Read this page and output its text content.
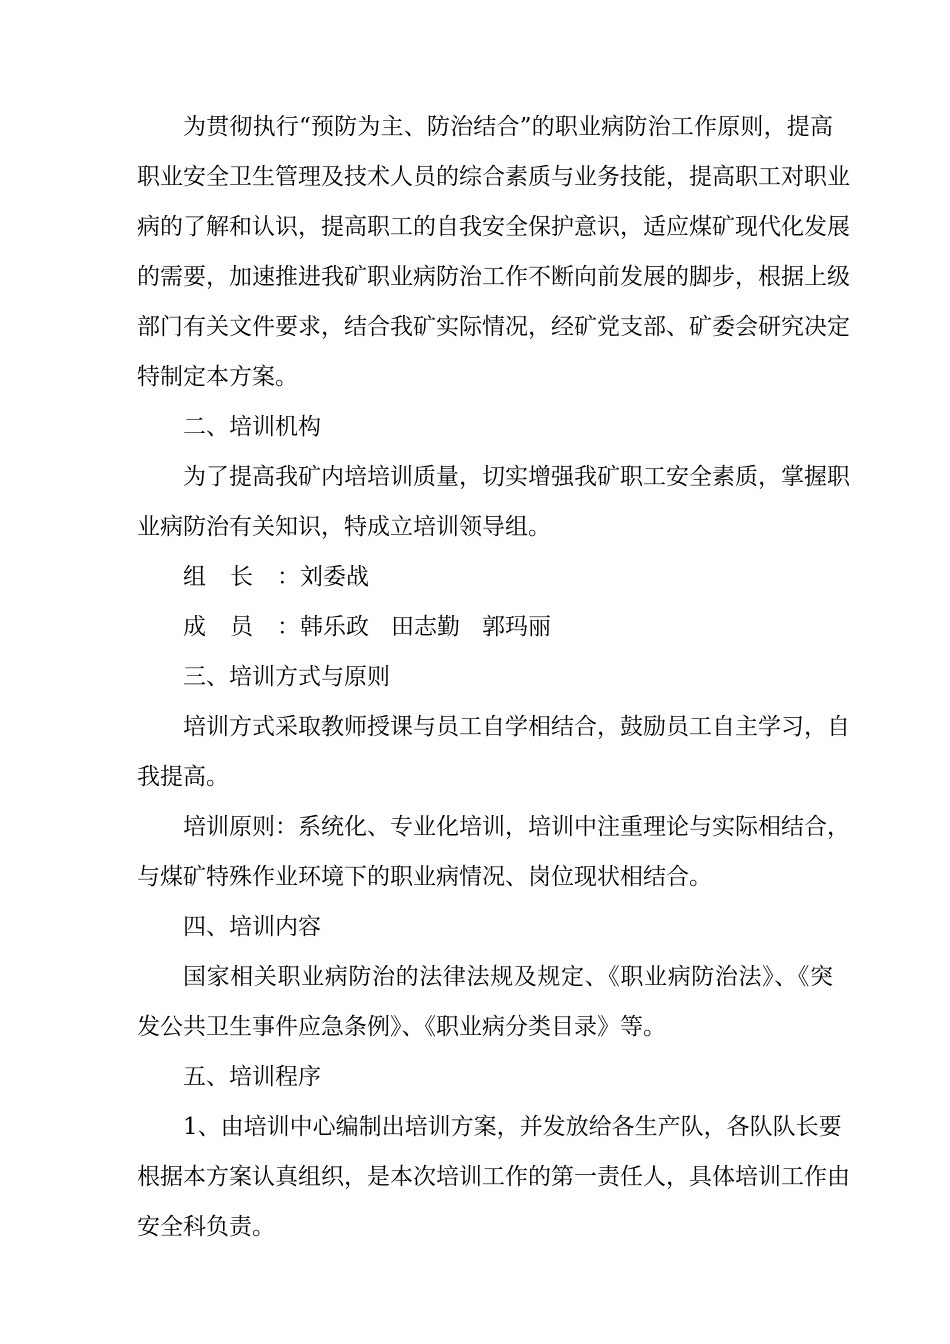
为贯彻执行“预防为主、防治结合”的职业病防治工作原则，提高
职业安全卫生管理及技术人员的综合素质与业务技能，提高职工对职业
病的了解和认识，提高职工的自我安全保护意识，适应煤矿现代化发展
的需要，加速推进我矿职业病防治工作不断向前发展的脚步，根据上级
部门有关文件要求，结合我矿实际情况，经矿党支部、矿委会研究决定
特制定本方案。
二、培训机构
为了提高我矿内培培训质量，切实增强我矿职工安全素质，掌握职
业病防治有关知识，特成立培训领导组。
组长：刘委战
成员：韩乐政 田志勤 郭玛丽
三、培训方式与原则
培训方式采取教师授课与员工自学相结合，鼓励员工自主学习，自
我提高。
培训原则：系统化、专业化培训，培训中注重理论与实际相结合，
与煤矿特殊作业环境下的职业病情况、岗位现状相结合。
四、培训内容
国家相关职业病防治的法律法规及规定、《职业病防治法》、《突
发公共卫生事件应急条例》、《职业病分类目录》等。
五、培训程序
1、由培训中心编制出培训方案，并发放给各生产队，各队队长要
根据本方案认真组织，是本次培训工作的第一责任人，具体培训工作由
安全科负责。
